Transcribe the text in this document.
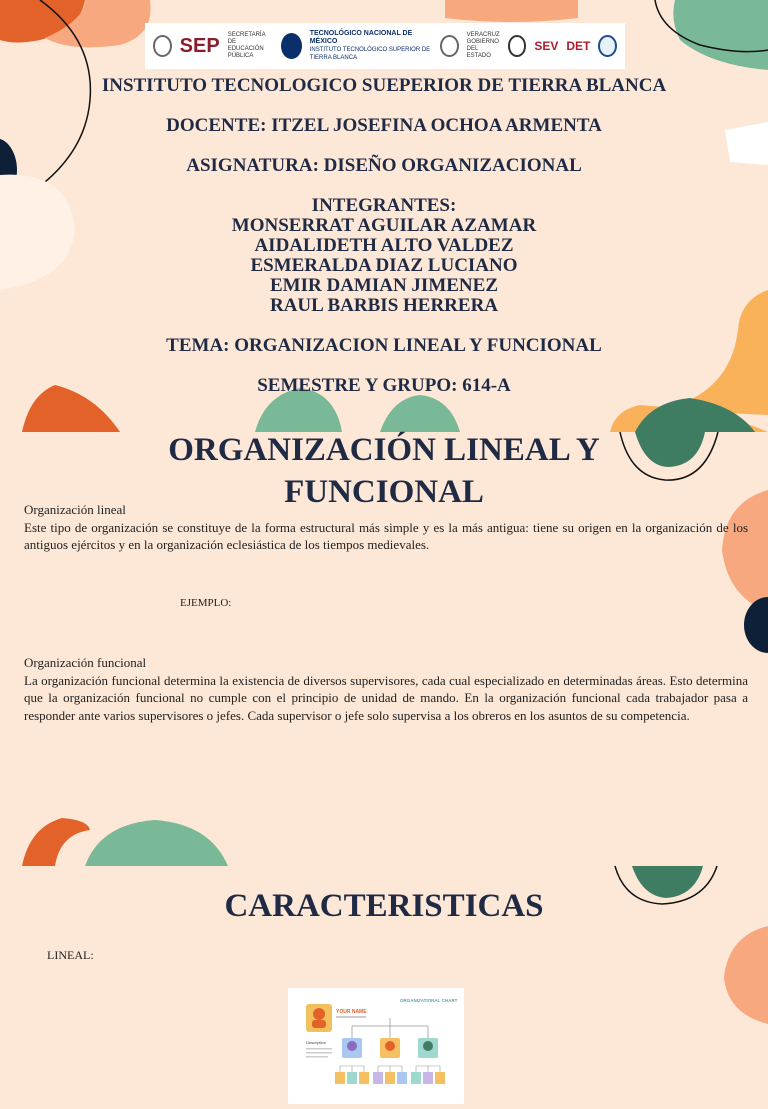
SEP SECRETARÍA DE EDUCACIÓN PÚBLICA
TECNOLÓGICO NACIONAL DE MÉXICO
INSTITUTO TECNOLÓGICO SUPERIOR DE TIERRA BLANCA
VERACRUZ GOBIERNO DEL ESTADO
SEV DET

INSTITUTO TECNOLOGICO SUEPERIOR DE TIERRA BLANCA

DOCENTE: ITZEL JOSEFINA OCHOA ARMENTA

ASIGNATURA: DISEÑO ORGANIZACIONAL

INTEGRANTES:

MONSERRAT AGUILAR AZAMAR

AIDALIDETH ALTO VALDEZ

ESMERALDA DIAZ LUCIANO

EMIR DAMIAN JIMENEZ

RAUL BARBIS HERRERA

TEMA: ORGANIZACION LINEAL Y FUNCIONAL

SEMESTRE Y GRUPO: 614-A

YOUR NAME
ORGANIZATIONAL CHART
Description
ORGANIZACIÓN LINEAL Y FUNCIONAL
Organización lineal
Este tipo de organización se constituye de la forma estructural más simple y es la más antigua: tiene su origen en la organización de los antiguos ejércitos y en la organización eclesiástica de los tiempos medievales.
EJEMPLO:
Organización funcional
La organización funcional determina la existencia de diversos supervisores, cada cual especializado en determinadas áreas. Esto determina que la organización funcional no cumple con el principio de unidad de mando. En la organización funcional cada trabajador pasa a responder ante varios supervisores o jefes. Cada supervisor o jefe solo supervisa a los obreros en los asuntos de su competencia.
CARACTERISTICAS
LINEAL:
